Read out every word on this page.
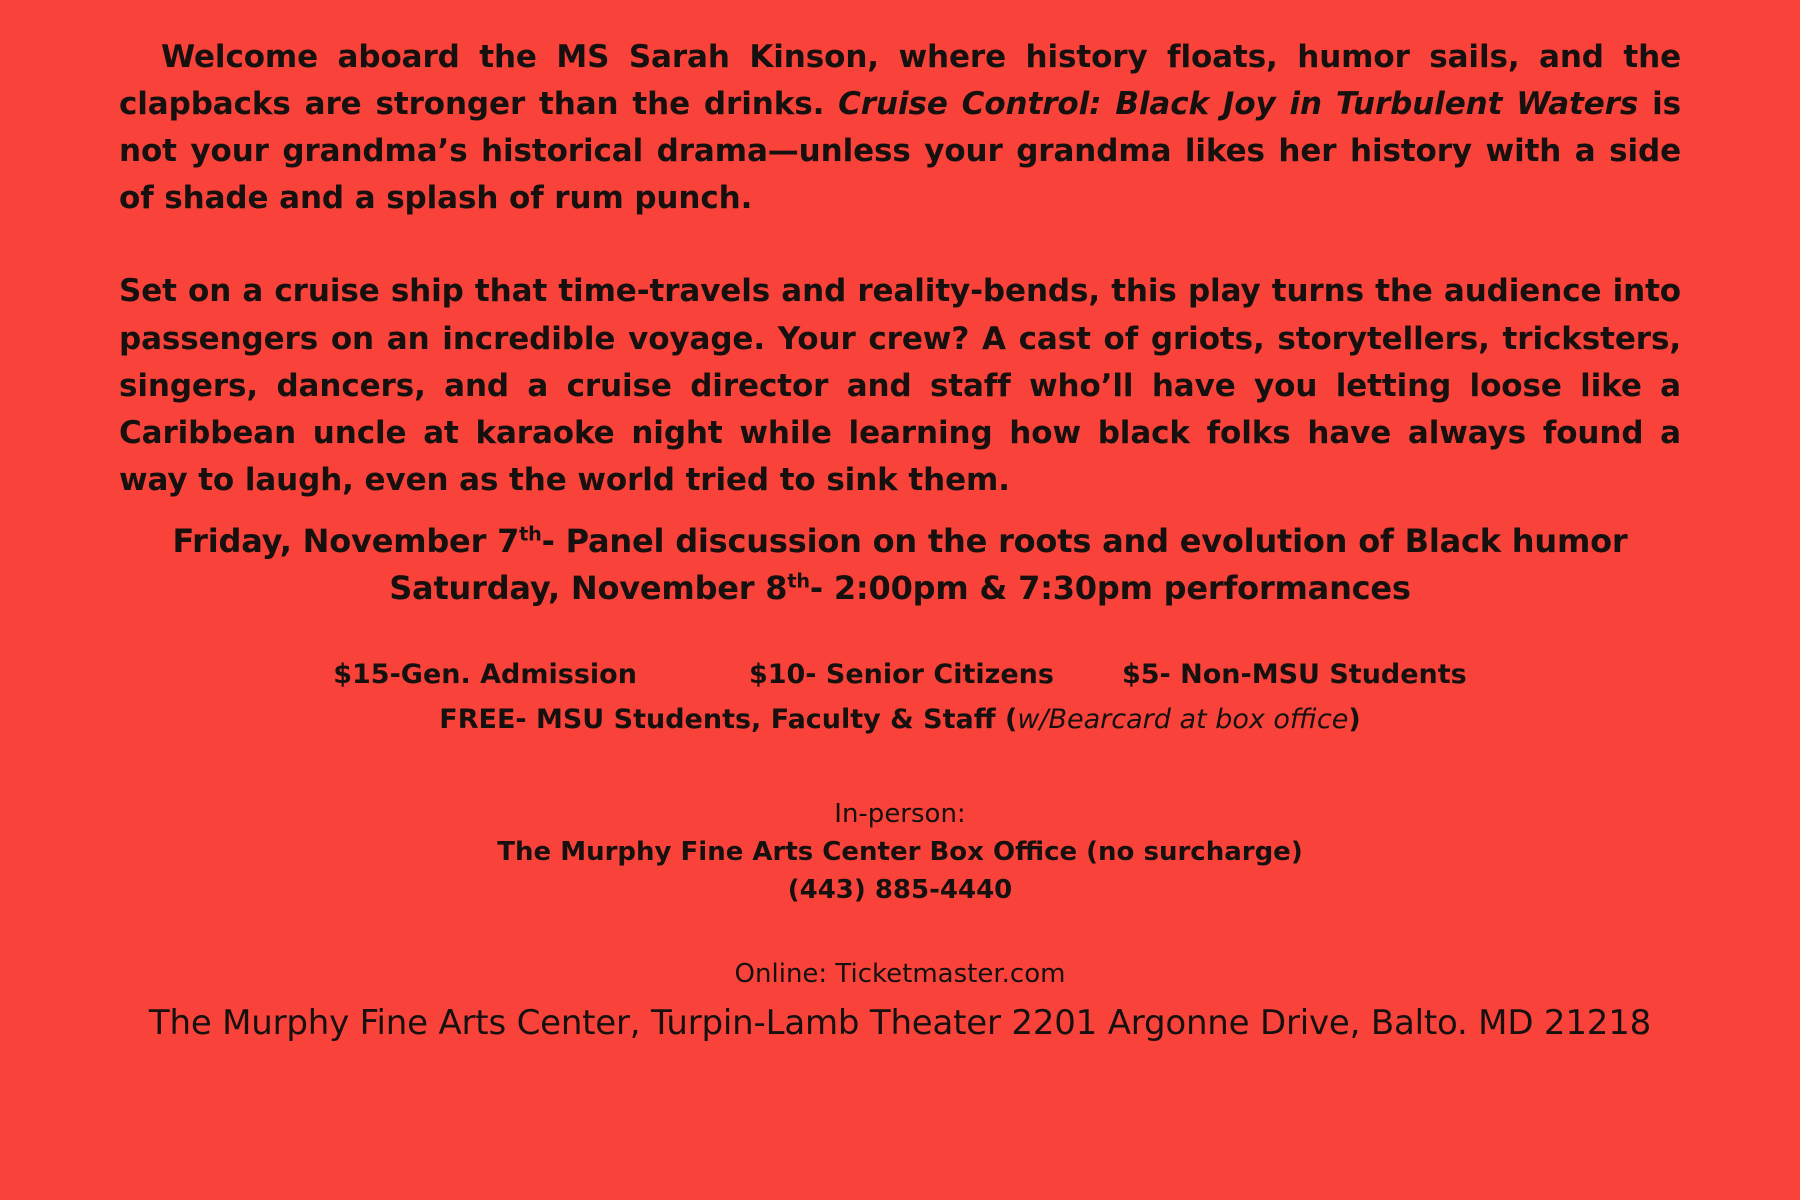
Welcome aboard the MS Sarah Kinson, where history floats, humor sails, and the clapbacks are stronger than the drinks. Cruise Control: Black Joy in Turbulent Waters is not your grandma’s historical drama—unless your grandma likes her history with a side of shade and a splash of rum punch.

Set on a cruise ship that time-travels and reality-bends, this play turns the audience into passengers on an incredible voyage. Your crew? A cast of griots, storytellers, tricksters, singers, dancers, and a cruise director and staff who’ll have you letting loose like a Caribbean uncle at karaoke night while learning how black folks have always found a way to laugh, even as the world tried to sink them.

Friday, November 7th- Panel discussion on the roots and evolution of Black humor
Saturday, November 8th- 2:00pm & 7:30pm performances
$15-Gen. Admission	$10- Senior Citizens	$5- Non-MSU Students
FREE- MSU Students, Faculty & Staff (w/Bearcard at box office)
In-person:
The Murphy Fine Arts Center Box Office (no surcharge)
(443) 885-4440
Online: Ticketmaster.com
The Murphy Fine Arts Center, Turpin-Lamb Theater 2201 Argonne Drive, Balto. MD 21218
